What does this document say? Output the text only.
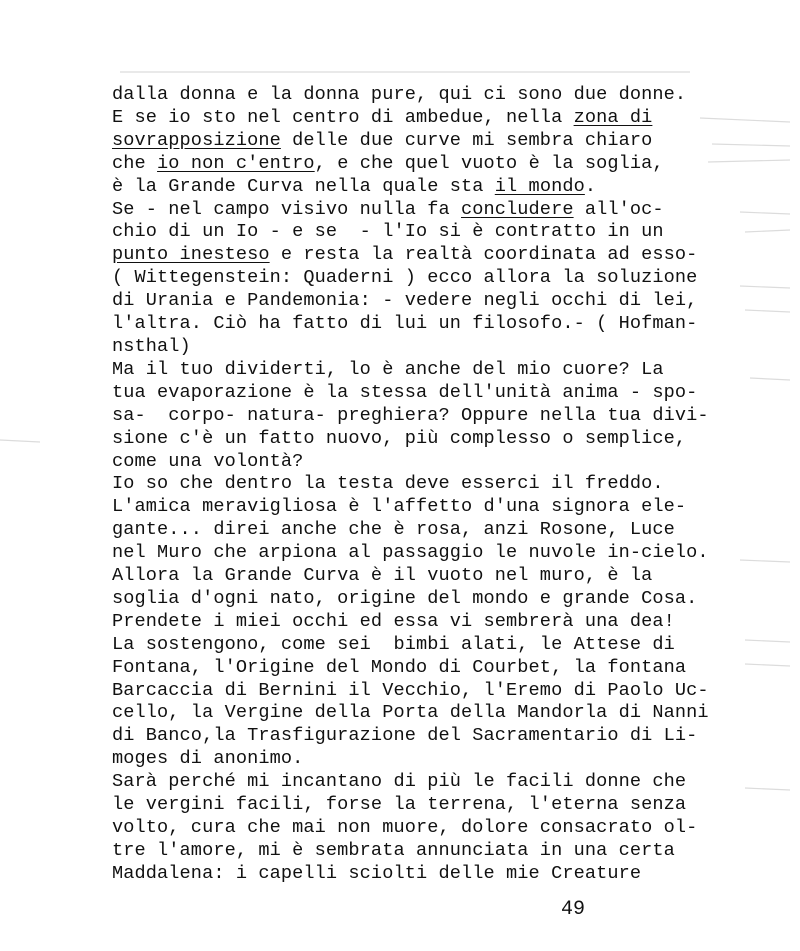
dalla donna e la donna pure, qui ci sono due donne.
E se io sto nel centro di ambedue, nella zona di
sovrapposizione delle due curve mi sembra chiaro
che io non c'entro, e che quel vuoto è la soglia,
è la Grande Curva nella quale sta il mondo.
Se - nel campo visivo nulla fa concludere all'oc-
chio di un Io - e se  - l'Io si è contratto in un
punto inesteso e resta la realtà coordinata ad esso-
( Wittegenstein: Quaderni ) ecco allora la soluzione
di Urania e Pandemonia: - vedere negli occhi di lei,
l'altra. Ciò ha fatto di lui un filosofo.- ( Hofman-
nsthal)
Ma il tuo dividerti, lo è anche del mio cuore? La
tua evaporazione è la stessa dell'unità anima - spo-
sa-  corpo- natura- preghiera? Oppure nella tua divi-
sione c'è un fatto nuovo, più complesso o semplice,
come una volontà?
Io so che dentro la testa deve esserci il freddo.
L'amica meravigliosa è l'affetto d'una signora ele-
gante... direi anche che è rosa, anzi Rosone, Luce
nel Muro che arpiona al passaggio le nuvole in-cielo.
Allora la Grande Curva è il vuoto nel muro, è la
soglia d'ogni nato, origine del mondo e grande Cosa.
Prendete i miei occhi ed essa vi sembrerà una dea!
La sostengono, come sei  bimbi alati, le Attese di
Fontana, l'Origine del Mondo di Courbet, la fontana
Barcaccia di Bernini il Vecchio, l'Eremo di Paolo Uc-
cello, la Vergine della Porta della Mandorla di Nanni
di Banco,la Trasfigurazione del Sacramentario di Li-
moges di anonimo.
Sarà perché mi incantano di più le facili donne che
le vergini facili, forse la terrena, l'eterna senza
volto, cura che mai non muore, dolore consacrato ol-
tre l'amore, mi è sembrata annunciata in una certa
Maddalena: i capelli sciolti delle mie Creature
49
